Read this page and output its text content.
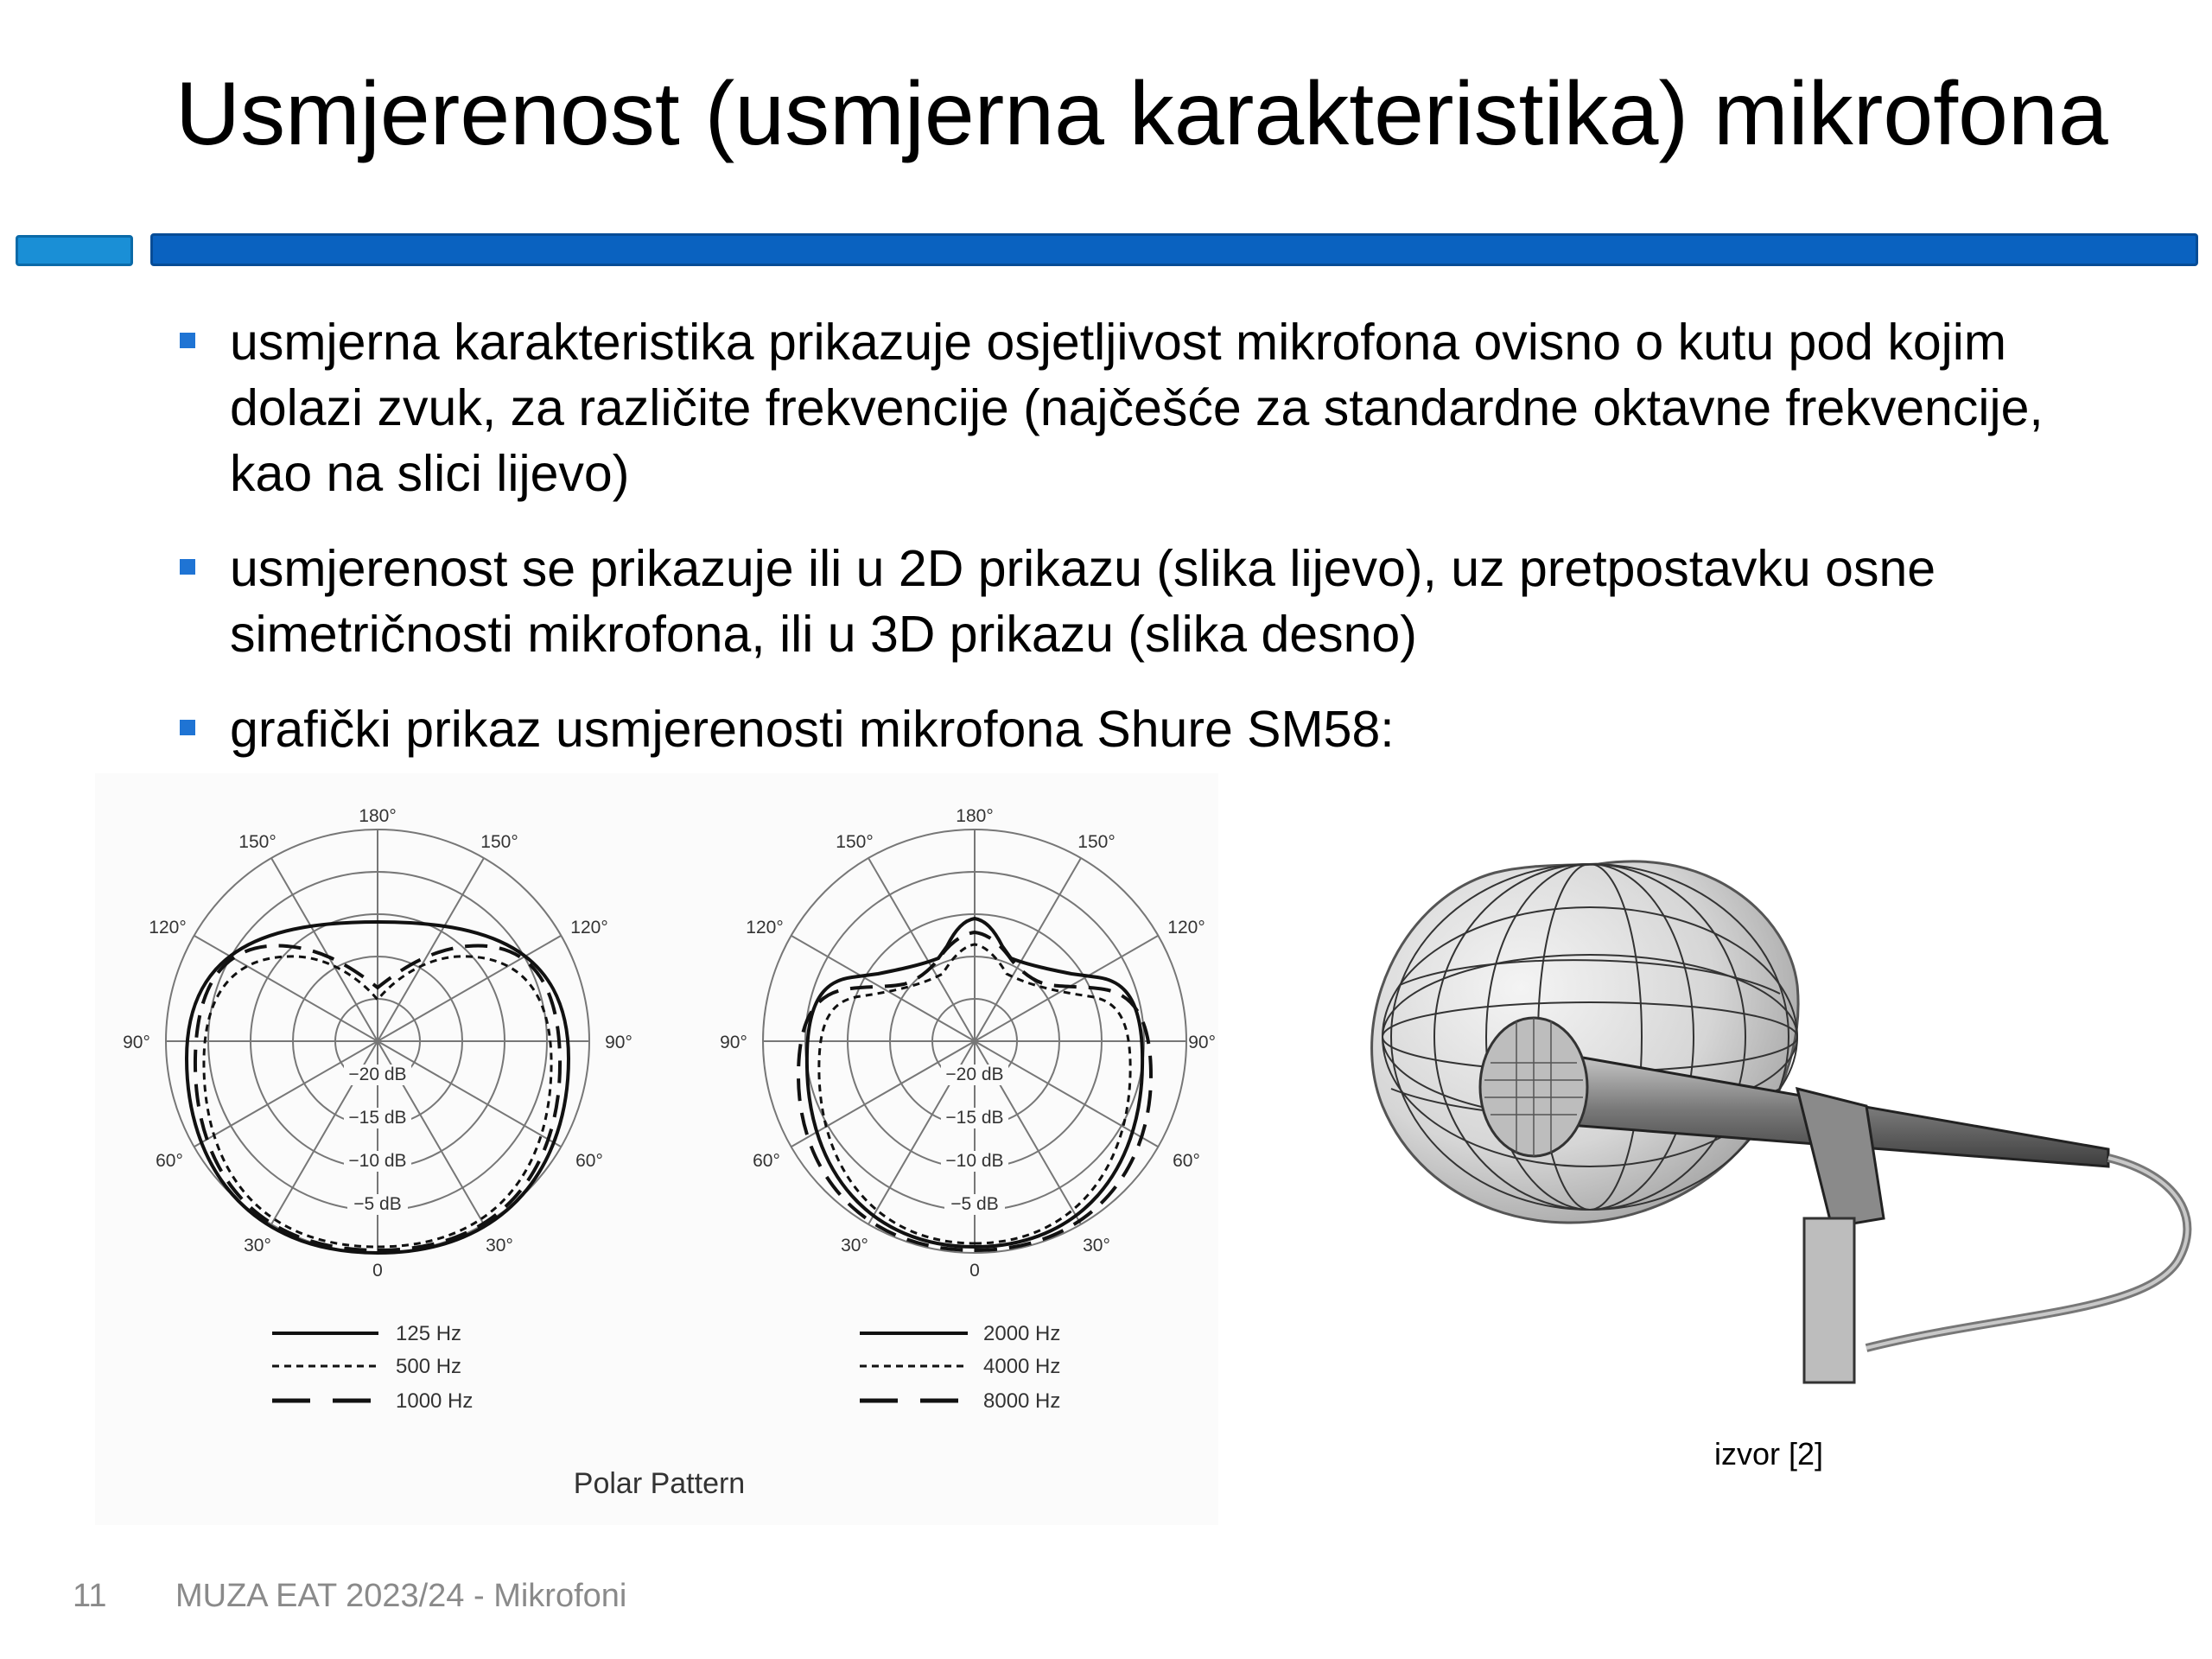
Usmjerenost (usmjerna karakteristika) mikrofona
usmjerna karakteristika prikazuje osjetljivost mikrofona ovisno o kutu pod kojim dolazi zvuk, za različite frekvencije (najčešće za standardne oktavne frekvencije, kao na slici lijevo)
usmjerenost se prikazuje ili u 2D prikazu (slika lijevo), uz pretpostavku osne simetričnosti mikrofona, ili u 3D prikazu (slika desno)
grafički prikaz usmjerenosti mikrofona Shure SM58:
180°
150°	150°
120°	120°
90°	90°
60°	60°
30°	30°
0
−20 dB
−15 dB
−10 dB
−5 dB
180°
150°	150°
120°	120°
90°	90°
60°	60°
30°	30°
0
−20 dB
−15 dB
−10 dB
−5 dB
125 Hz
500 Hz
1000 Hz
2000 Hz
4000 Hz
8000 Hz
Polar Pattern
izvor [2]
11 MUZA EAT 2023/24 - Mikrofoni
